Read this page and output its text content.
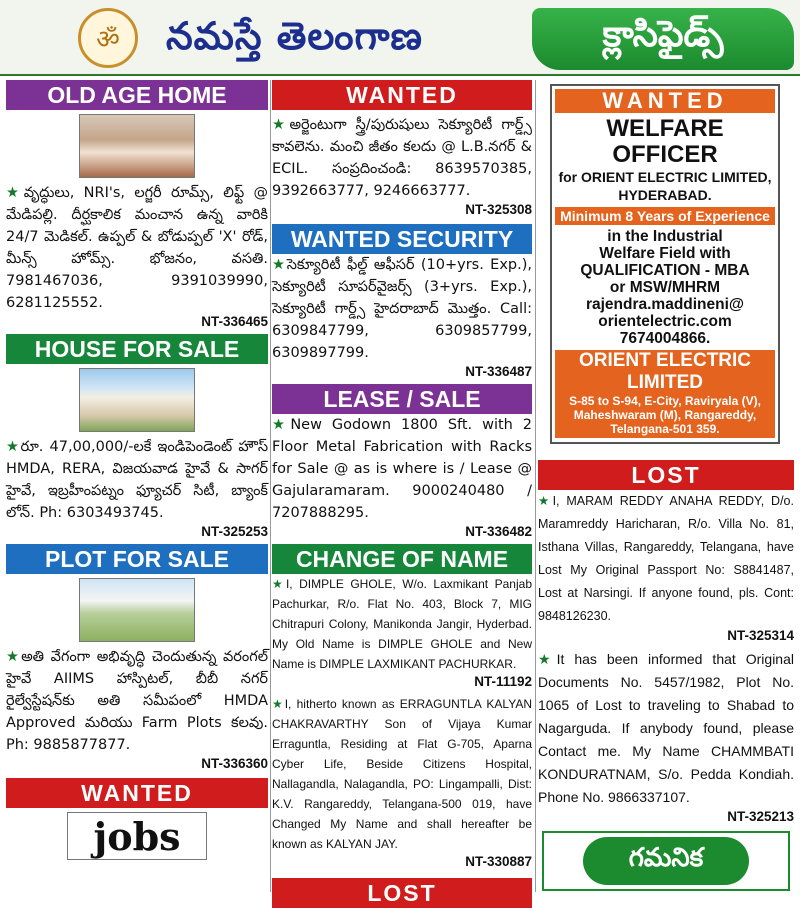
ॐ	నమస్తే తెలంగాణ	క్లాసిఫైడ్స్
OLD AGE HOME
★వృద్ధులు, NRI's, లగ్జరీ రూమ్స్, లిఫ్ట్ @ మేడిపల్లి. దీర్ఘకాలిక మంచాన ఉన్న వారికి 24/7 మెడికల్. ఉప్పల్ & బోడుప్పల్ 'X' రోడ్, మీన్స్ హోమ్స్. భోజనం, వసతి. 7981467036, 9391039990, 6281125552.
NT-336465
HOUSE FOR SALE
★రూ. 47,00,000/-లకే ఇండిపెండెంట్ హౌస్ HMDA, RERA, విజయవాడ హైవే & సాగర్ హైవే, ఇబ్రహీంపట్నం ఫ్యూచర్ సిటీ, బ్యాంక్ లోన్. Ph: 6303493745.
NT-325253
PLOT FOR SALE
★అతి వేగంగా అభివృద్ధి చెందుతున్న వరంగల్ హైవే AIIMS హాస్పిటల్, బీబీ నగర్ రైల్వేస్టేషన్‌కు అతి సమీపంలో HMDA Approved మరియు Farm Plots కలవు. Ph: 9885877877.
NT-336360
WANTED
jobs
WANTED
★అర్జెంటుగా స్త్రీ/పురుషులు సెక్యూరిటీ గార్డ్స్ కావలెను. మంచి జీతం కలదు @ L.B.నగర్ & ECIL. సంప్రదించండి: 8639570385, 9392663777, 9246663777.
NT-325308
WANTED SECURITY
★సెక్యూరిటీ ఫీల్డ్ ఆఫీసర్ (10+yrs. Exp.), సెక్యూరిటీ సూపర్‌వైజర్స్ (3+yrs. Exp.), సెక్యూరిటీ గార్డ్స్ హైదరాబాద్ మొత్తం. Call: 6309847799, 6309857799, 6309897799.
NT-336487
LEASE / SALE
★New Godown 1800 Sft. with 2 Floor Metal Fabrication with Racks for Sale @ as is where is / Lease @ Gajularamaram. 9000240480 / 7207888295.
NT-336482
CHANGE OF NAME
★I, DIMPLE GHOLE, W/o. Laxmikant Panjab Pachurkar, R/o. Flat No. 403, Block 7, MIG Chitrapuri Colony, Manikonda Jangir, Hyderbad. My Old Name is DIMPLE GHOLE and New Name is DIMPLE LAXMIKANT PACHURKAR.
NT-11192
★I, hitherto known as ERRAGUNTLA KALYAN CHAKRAVARTHY Son of Vijaya Kumar Erraguntla, Residing at Flat G-705, Aparna Cyber Life, Beside Citizens Hospital, Nallagandla, Nalagandla, PO: Lingampalli, Dist: K.V. Rangareddy, Telangana-500 019, have Changed My Name and shall hereafter be known as KALYAN JAY.
NT-330887
LOST
WANTED
WELFARE OFFICER
for ORIENT ELECTRIC LIMITED,
HYDERABAD.
Minimum 8 Years of Experience
in the Industrial
Welfare Field with
QUALIFICATION - MBA
or MSW/MHRM
rajendra.maddineni@
orientelectric.com
7674004866.
ORIENT ELECTRIC LIMITED
S-85 to S-94, E-City, Raviryala (V),
Maheshwaram (M), Rangareddy,
Telangana-501 359.
LOST
★I, MARAM REDDY ANAHA REDDY, D/o. Maramreddy Haricharan, R/o. Villa No. 81, Isthana Villas, Rangareddy, Telangana, have Lost My Original Passport No: S8841487, Lost at Narsingi. If anyone found, pls. Cont: 9848126230.
NT-325314
★It has been informed that Original Documents No. 5457/1982, Plot No. 1065 of Lost to traveling to Shabad to Nagarguda. If anybody found, please Contact me. My Name CHAMMBATI KONDURATNAM, S/o. Pedda Kondiah. Phone No. 9866337107.
NT-325213
గమనిక
